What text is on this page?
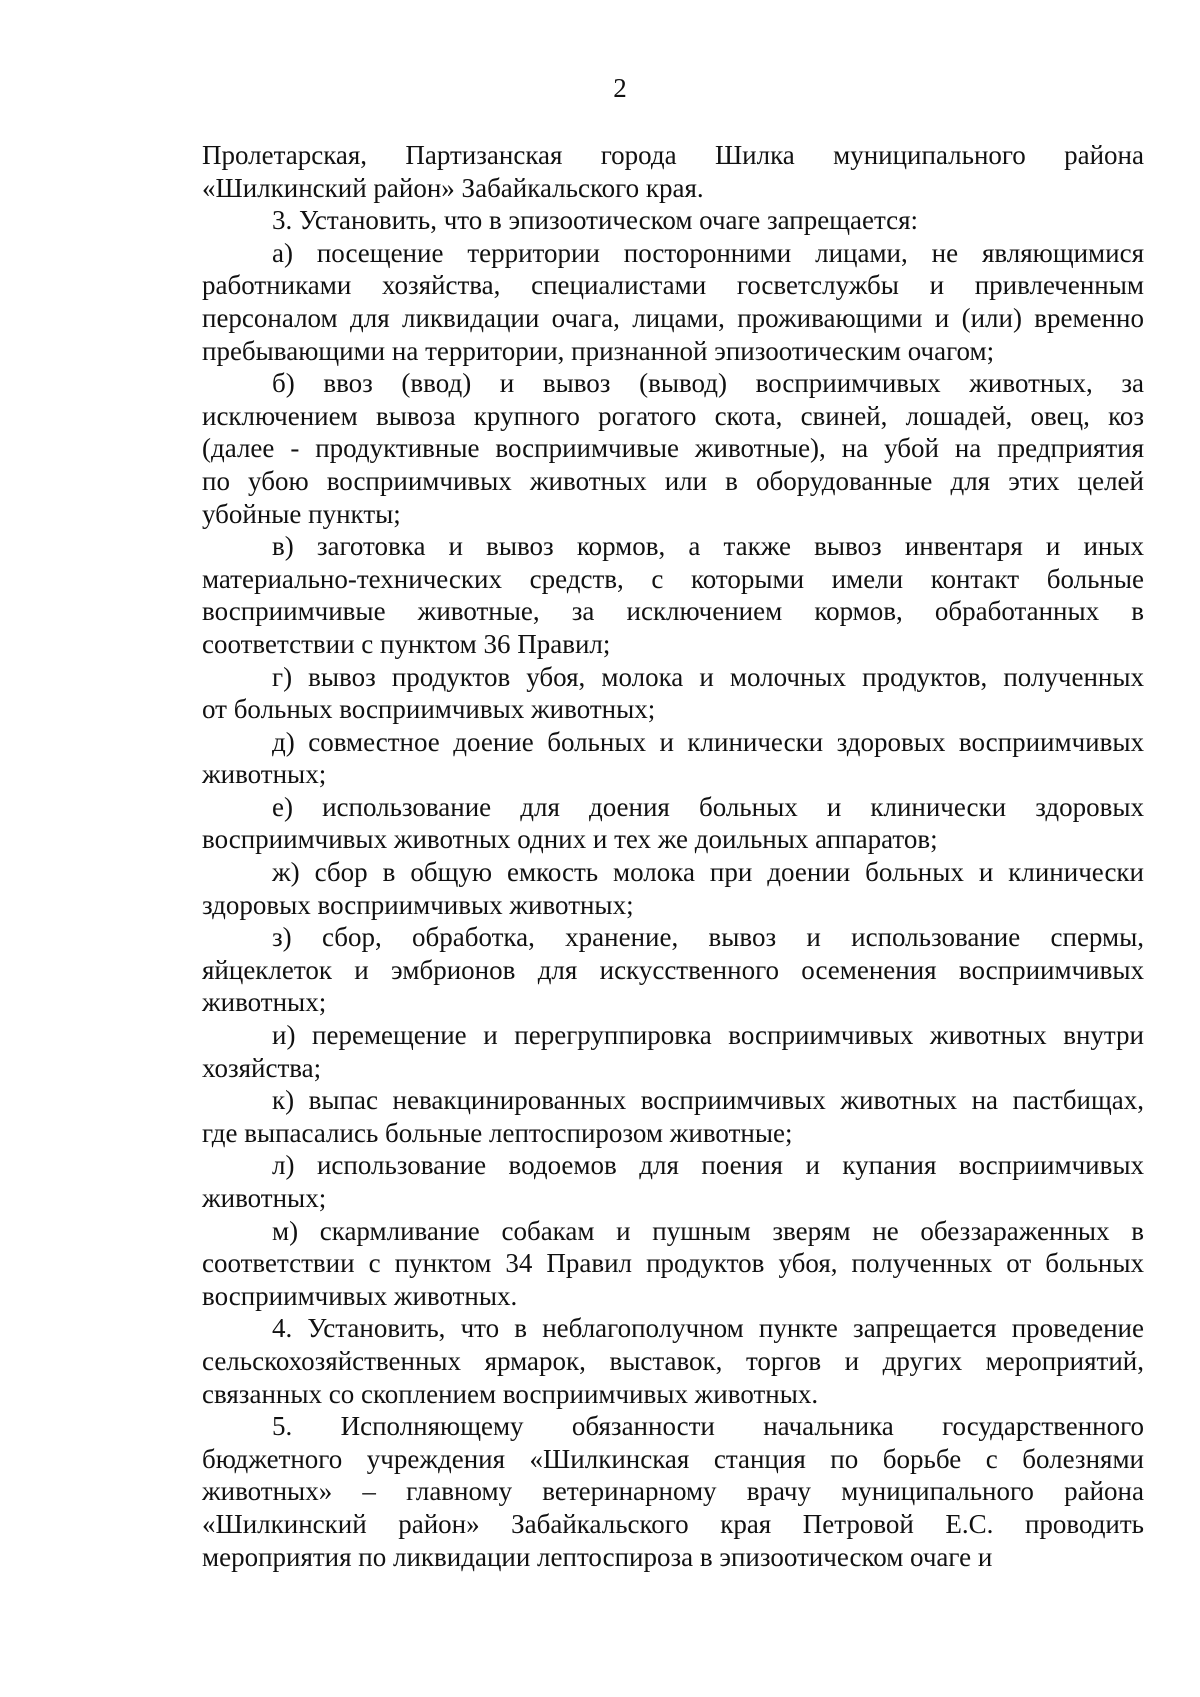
2
Пролетарская, Партизанская города Шилка муниципального района
«Шилкинский район» Забайкальского края.
3. Установить, что в эпизоотическом очаге запрещается:
а) посещение территории посторонними лицами, не являющимися
работниками хозяйства, специалистами госветслужбы и привлеченным
персоналом для ликвидации очага, лицами, проживающими и (или) временно
пребывающими на территории, признанной эпизоотическим очагом;
б) ввоз (ввод) и вывоз (вывод) восприимчивых животных, за
исключением вывоза крупного рогатого скота, свиней, лошадей, овец, коз
(далее - продуктивные восприимчивые животные), на убой на предприятия
по убою восприимчивых животных или в оборудованные для этих целей
убойные пункты;
в) заготовка и вывоз кормов, а также вывоз инвентаря и иных
материально-технических средств, с которыми имели контакт больные
восприимчивые животные, за исключением кормов, обработанных в
соответствии с пунктом 36 Правил;
г) вывоз продуктов убоя, молока и молочных продуктов, полученных
от больных восприимчивых животных;
д) совместное доение больных и клинически здоровых восприимчивых
животных;
е) использование для доения больных и клинически здоровых
восприимчивых животных одних и тех же доильных аппаратов;
ж) сбор в общую емкость молока при доении больных и клинически
здоровых восприимчивых животных;
з) сбор, обработка, хранение, вывоз и использование спермы,
яйцеклеток и эмбрионов для искусственного осеменения восприимчивых
животных;
и) перемещение и перегруппировка восприимчивых животных внутри
хозяйства;
к) выпас невакцинированных восприимчивых животных на пастбищах,
где выпасались больные лептоспирозом животные;
л) использование водоемов для поения и купания восприимчивых
животных;
м) скармливание собакам и пушным зверям не обеззараженных в
соответствии с пунктом 34 Правил продуктов убоя, полученных от больных
восприимчивых животных.
4. Установить, что в неблагополучном пункте запрещается проведение
сельскохозяйственных ярмарок, выставок, торгов и других мероприятий,
связанных со скоплением восприимчивых животных.
5. Исполняющему обязанности начальника государственного
бюджетного учреждения «Шилкинская станция по борьбе с болезнями
животных» – главному ветеринарному врачу муниципального района
«Шилкинский район» Забайкальского края Петровой Е.С. проводить
мероприятия по ликвидации лептоспироза в эпизоотическом очаге и
